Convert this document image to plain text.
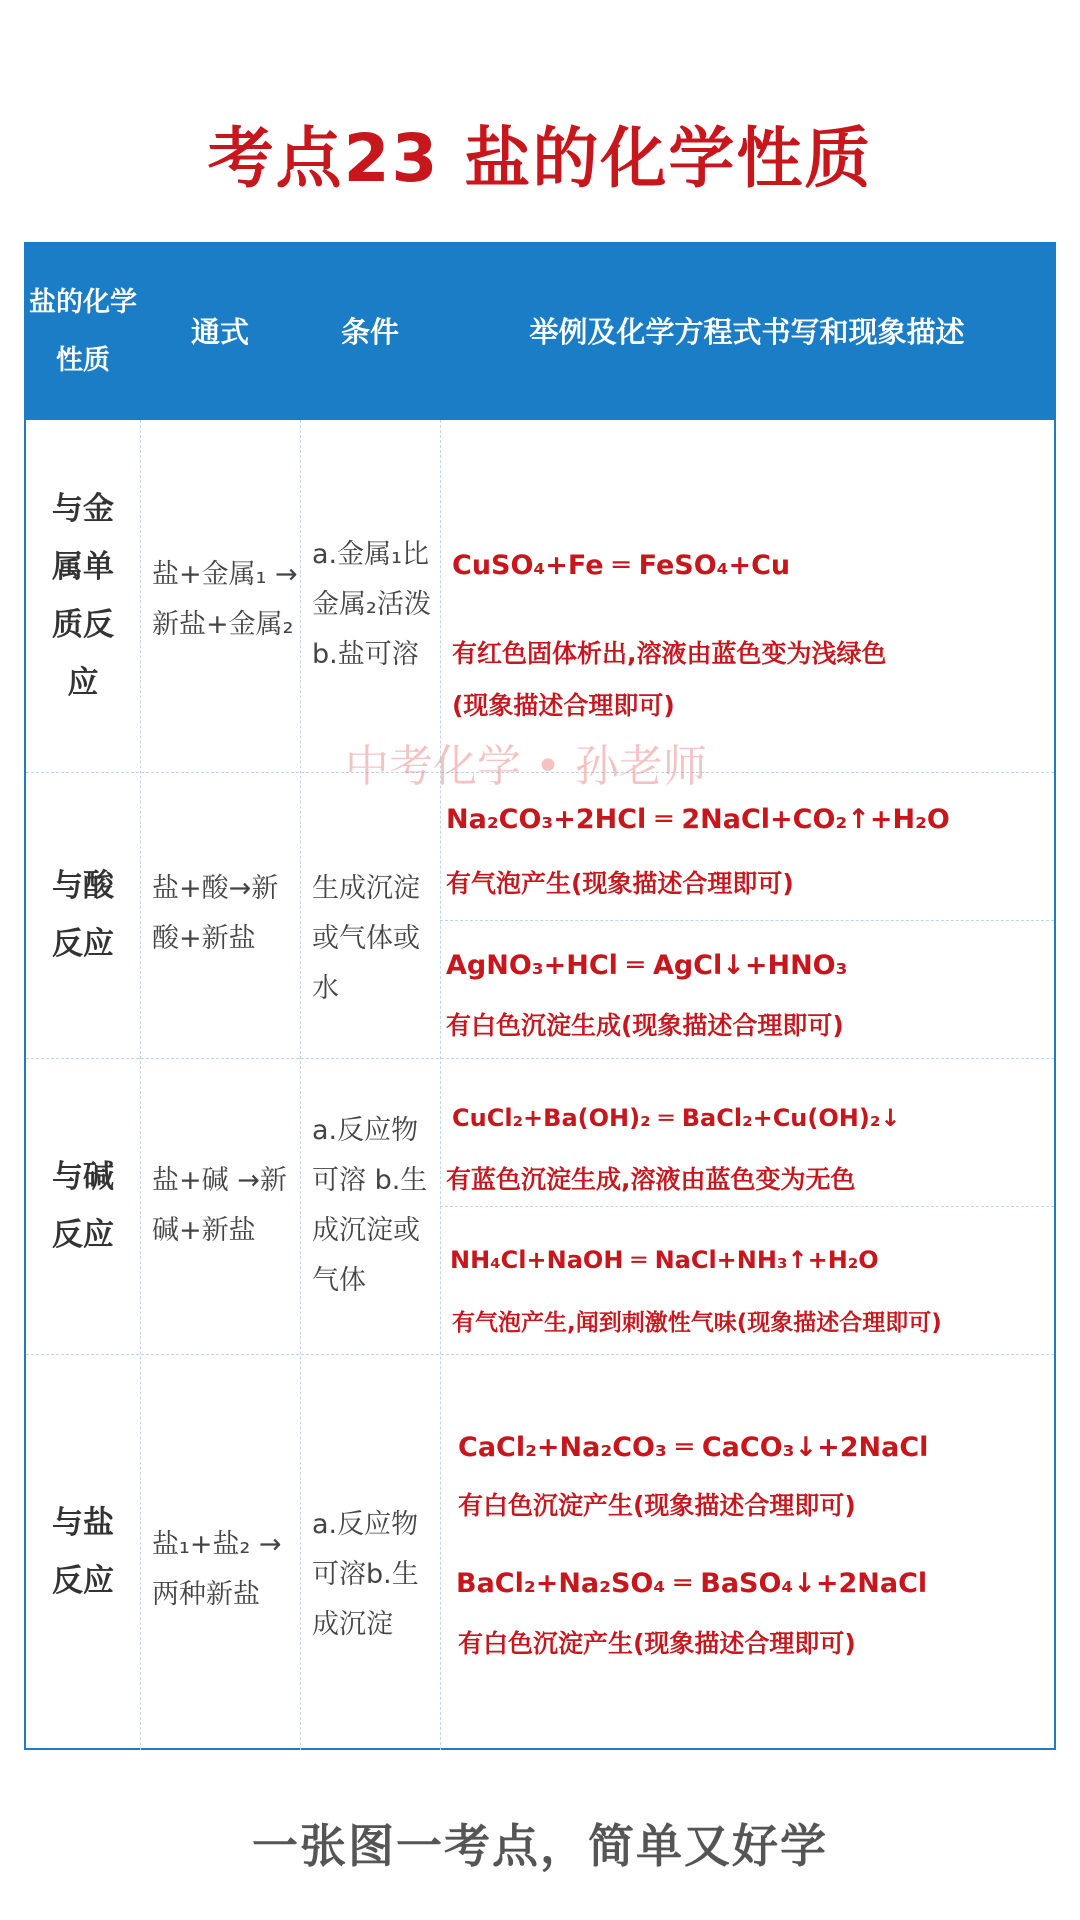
考点23 盐的化学性质
盐的化学性质
通式	条件	举例及化学方程式书写和现象描述
与金属单质反应
盐+金属₁ → 新盐+金属₂
a.金属₁比金属₂活泼 b.盐可溶
CuSO₄+Fe ═ FeSO₄+Cu
有红色固体析出,溶液由蓝色变为浅绿色
(现象描述合理即可)
与酸反应
盐+酸→新酸+新盐
生成沉淀或气体或水
Na₂CO₃+2HCl ═ 2NaCl+CO₂↑+H₂O
有气泡产生(现象描述合理即可)
AgNO₃+HCl ═ AgCl↓+HNO₃
有白色沉淀生成(现象描述合理即可)
与碱反应
盐+碱 →新碱+新盐
a.反应物可溶 b.生成沉淀或气体
CuCl₂+Ba(OH)₂ ═ BaCl₂+Cu(OH)₂↓
有蓝色沉淀生成,溶液由蓝色变为无色
NH₄Cl+NaOH ═ NaCl+NH₃↑+H₂O
有气泡产生,闻到刺激性气味(现象描述合理即可)
与盐反应
盐₁+盐₂ → 两种新盐
a.反应物可溶b.生成沉淀
CaCl₂+Na₂CO₃ ═ CaCO₃↓+2NaCl
有白色沉淀产生(现象描述合理即可)
BaCl₂+Na₂SO₄ ═ BaSO₄↓+2NaCl
有白色沉淀产生(现象描述合理即可)
中考化学 • 孙老师
一张图一考点，简单又好学
